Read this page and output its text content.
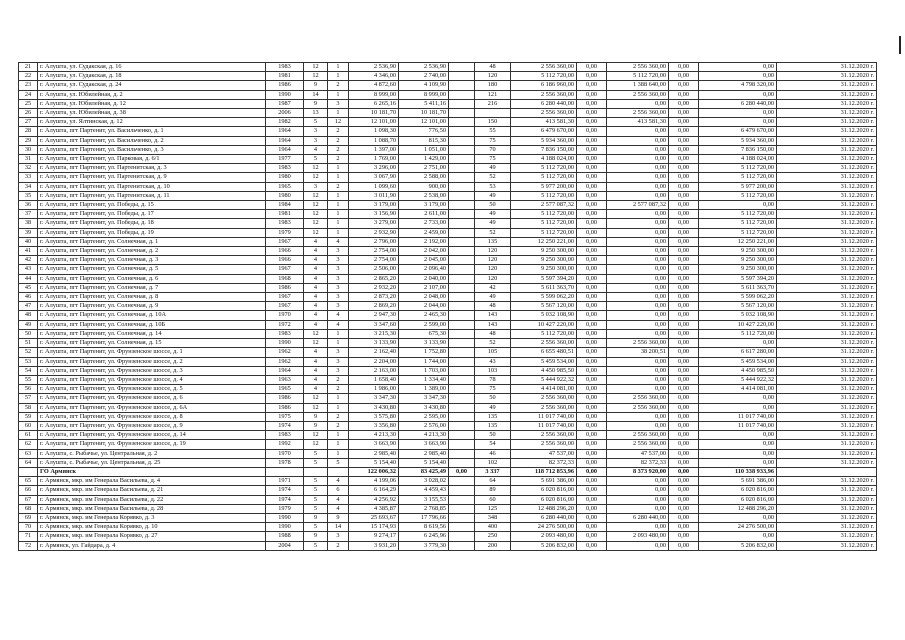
21	г. Алушта, ул. Судакская, д. 16	1983	12	1	2 536,90	2 536,90		48	2 556 360,00	0,00	2 556 360,00	0,00	0,00	31.12.2020 г.
22	г. Алушта, ул. Судакская, д. 18	1981	12	1	4 346,00	2 740,00		120	5 112 720,00	0,00	5 112 720,00	0,00	0,00	31.12.2020 г.
23	г. Алушта, ул. Судакская, д. 24	1986	9	2	4 872,60	4 109,90		180	6 186 960,00	0,00	1 388 640,00	0,00	4 798 320,00	31.12.2020 г.
24	г. Алушта, ул. Юбилейная, д. 2	1990	14	1	8 999,00	8 999,00		121	2 556 360,00	0,00	2 556 360,00	0,00	0,00	31.12.2020 г.
25	г. Алушта, ул. Юбилейная, д. 12	1987	9	3	6 265,16	5 411,16		216	6 280 440,00	0,00	0,00	0,00	6 280 440,00	31.12.2020 г.
26	г. Алушта, ул. Юбилейная, д. 38	2006	13	1	10 181,70	10 181,70			2 556 360,00	0,00	2 556 360,00	0,00	0,00	31.12.2020 г.
27	г. Алушта, ул. Ялтинская, д. 12	1982	5	12	12 101,00	12 101,00		150	413 581,30	0,00	413 581,30	0,00	0,00	31.12.2020 г.
28	г. Алушта, пгт Партенит, ул. Васильченко, д. 1	1964	3	2	1 098,30	776,50		55	6 479 670,00	0,00	0,00	0,00	6 479 670,00	31.12.2020 г.
29	г. Алушта, пгт Партенит, ул. Васильченко, д. 2	1964	3	2	1 088,70	815,30		75	5 934 360,00	0,00	0,00	0,00	5 934 360,00	31.12.2020 г.
30	г. Алушта, пгт Партенит, ул. Васильченко, д. 3	1964	4	2	1 397,00	1 051,00		70	7 836 150,00	0,00	0,00	0,00	7 836 150,00	31.12.2020 г.
31	г. Алушта, пгт Партенит, ул. Парковая, д. 6/1	1977	5	2	1 769,00	1 429,00		75	4 188 024,00	0,00	0,00	0,00	4 188 024,00	31.12.2020 г.
32	г. Алушта, пгт Партенит, ул. Партенитская, д. 3	1983	12	1	3 296,00	2 751,00		49	5 112 720,00	0,00	0,00	0,00	5 112 720,00	31.12.2020 г.
33	г. Алушта, пгт Партенит, ул. Партенитская, д. 9	1980	12	1	3 067,90	2 588,00		52	5 112 720,00	0,00	0,00	0,00	5 112 720,00	31.12.2020 г.
34	г. Алушта, пгт Партенит, ул. Партенитская, д. 10	1965	3	2	1 099,60	900,00		53	5 977 200,00	0,00	0,00	0,00	5 977 200,00	31.12.2020 г.
35	г. Алушта, пгт Партенит, ул. Партенитская, д. 11	1980	12	1	3 011,90	2 538,00		49	5 112 720,00	0,00	0,00	0,00	5 112 720,00	31.12.2020 г.
36	г. Алушта, пгт Партенит, ул. Победы, д. 15	1984	12	1	3 179,00	3 179,00		50	2 577 087,32	0,00	2 577 087,32	0,00	0,00	31.12.2020 г.
37	г. Алушта, пгт Партенит, ул. Победы, д. 17	1981	12	1	3 156,90	2 611,00		49	5 112 720,00	0,00	0,00	0,00	5 112 720,00	31.12.2020 г.
38	г. Алушта, пгт Партенит, ул. Победы, д. 18	1983	12	1	3 279,00	2 733,00		49	5 112 720,00	0,00	0,00	0,00	5 112 720,00	31.12.2020 г.
39	г. Алушта, пгт Партенит, ул. Победы, д. 19	1979	12	1	2 932,90	2 459,00		52	5 112 720,00	0,00	0,00	0,00	5 112 720,00	31.12.2020 г.
40	г. Алушта, пгт Партенит, ул. Солнечная, д. 1	1967	4	4	2 796,00	2 192,00		135	12 250 221,00	0,00	0,00	0,00	12 250 221,00	31.12.2020 г.
41	г. Алушта, пгт Партенит, ул. Солнечная, д. 2	1966	4	3	2 754,00	2 042,00		120	9 250 300,00	0,00	0,00	0,00	9 250 300,00	31.12.2020 г.
42	г. Алушта, пгт Партенит, ул. Солнечная, д. 3	1966	4	3	2 754,00	2 045,00		120	9 250 300,00	0,00	0,00	0,00	9 250 300,00	31.12.2020 г.
43	г. Алушта, пгт Партенит, ул. Солнечная, д. 5	1967	4	3	2 506,00	2 096,40		120	9 250 300,00	0,00	0,00	0,00	9 250 300,00	31.12.2020 г.
44	г. Алушта, пгт Партенит, ул. Солнечная, д. 6	1968	4	3	2 865,20	2 040,00		120	5 597 394,20	0,00	0,00	0,00	5 597 394,20	31.12.2020 г.
45	г. Алушта, пгт Партенит, ул. Солнечная, д. 7	1986	4	3	2 932,20	2 107,00		42	5 611 363,70	0,00	0,00	0,00	5 611 363,70	31.12.2020 г.
46	г. Алушта, пгт Партенит, ул. Солнечная, д. 8	1967	4	3	2 873,20	2 048,00		49	5 599 062,20	0,00	0,00	0,00	5 599 062,20	31.12.2020 г.
47	г. Алушта, пгт Партенит, ул. Солнечная, д. 9	1967	4	3	2 869,20	2 044,00		48	5 567 120,00	0,00	0,00	0,00	5 567 120,00	31.12.2020 г.
48	г. Алушта, пгт Партенит, ул. Солнечная, д. 10А	1970	4	4	2 947,30	2 465,30		143	5 032 108,90	0,00	0,00	0,00	5 032 108,90	31.12.2020 г.
49	г. Алушта, пгт Партенит, ул. Солнечная, д. 10Б	1972	4	4	3 347,60	2 599,00		143	10 427 220,00	0,00	0,00	0,00	10 427 220,00	31.12.2020 г.
50	г. Алушта, пгт Партенит, ул. Солнечная, д. 14	1983	12	1	3 215,30	675,30		48	5 112 720,00	0,00	0,00	0,00	5 112 720,00	31.12.2020 г.
51	г. Алушта, пгт Партенит, ул. Солнечная, д. 15	1990	12	1	3 133,90	3 133,90		52	2 556 360,00	0,00	2 556 360,00	0,00	0,00	31.12.2020 г.
52	г. Алушта, пгт Партенит, ул. Фрунзенское шоссе, д. 1	1962	4	3	2 162,40	1 752,80		105	6 655 480,51	0,00	38 200,51	0,00	6 617 280,00	31.12.2020 г.
53	г. Алушта, пгт Партенит, ул. Фрунзенское шоссе, д. 2	1962	4	3	2 204,00	1 744,00		43	5 459 534,00	0,00	0,00	0,00	5 459 534,00	31.12.2020 г.
54	г. Алушта, пгт Партенит, ул. Фрунзенское шоссе, д. 3	1964	4	3	2 163,00	1 703,00		103	4 450 985,50	0,00	0,00	0,00	4 450 985,50	31.12.2020 г.
55	г. Алушта, пгт Партенит, ул. Фрунзенское шоссе, д. 4	1963	4	2	1 658,40	1 334,40		78	5 444 922,32	0,00	0,00	0,00	5 444 922,32	31.12.2020 г.
56	г. Алушта, пгт Партенит, ул. Фрунзенское шоссе, д. 5	1965	4	2	1 986,00	1 389,00		75	4 414 081,00	0,00	0,00	0,00	4 414 081,00	31.12.2020 г.
57	г. Алушта, пгт Партенит, ул. Фрунзенское шоссе, д. 6	1986	12	1	3 347,30	3 347,30		50	2 556 360,00	0,00	2 556 360,00	0,00	0,00	31.12.2020 г.
58	г. Алушта, пгт Партенит, ул. Фрунзенское шоссе, д. 6А	1986	12	1	3 430,80	3 430,80		49	2 556 360,00	0,00	2 556 360,00	0,00	0,00	31.12.2020 г.
59	г. Алушта, пгт Партенит, ул. Фрунзенское шоссе, д. 8	1975	9	2	3 575,80	2 595,00		135	11 017 740,00	0,00	0,00	0,00	11 017 740,00	31.12.2020 г.
60	г. Алушта, пгт Партенит, ул. Фрунзенское шоссе, д. 9	1974	9	2	3 356,80	2 576,00		135	11 017 740,00	0,00	0,00	0,00	11 017 740,00	31.12.2020 г.
61	г. Алушта, пгт Партенит, ул. Фрунзенское шоссе, д. 14	1983	12	1	4 213,30	4 213,30		50	2 556 360,00	0,00	2 556 360,00	0,00	0,00	31.12.2020 г.
62	г. Алушта, пгт Партенит, ул. Фрунзенское шоссе, д. 19	1992	12	1	3 663,90	3 663,90		54	2 556 360,00	0,00	2 556 360,00	0,00	0,00	31.12.2020 г.
63	г. Алушта, с. Рыбачье, ул. Центральная, д. 2	1970	5	1	2 985,40	2 985,40		46	47 537,00	0,00	47 537,00	0,00	0,00	31.12.2020 г.
64	г. Алушта, с. Рыбачье, ул. Центральная, д. 25	1978	5	5	5 154,40	5 154,40		102	82 372,33	0,00	82 372,33	0,00	0,00	31.12.2020 г.
	ГО Армянск				122 006,32	83 425,49	0,00	3 337	118 712 853,96	0,00	8 373 920,00	0,00	110 338 933,96	
65	г. Армянск, мкр. им Генерала Васильева, д. 4	1971	5	4	4 199,06	3 028,02		64	5 691 386,00	0,00	0,00	0,00	5 691 386,00	31.12.2020 г.
66	г. Армянск, мкр. им Генерала Васильева, д. 21	1974	5	6	6 164,29	4 459,43		89	6 020 816,00	0,00	0,00	0,00	6 020 816,00	31.12.2020 г.
67	г. Армянск, мкр. им Генерала Васильева, д. 22	1974	5	4	4 256,92	3 155,53		60	6 020 816,00	0,00	0,00	0,00	6 020 816,00	31.12.2020 г.
68	г. Армянск, мкр. им Генерала Васильева, д. 28	1979	5	4	4 385,87	2 768,85		125	12 488 296,20	0,00	0,00	0,00	12 488 296,20	31.12.2020 г.
69	г. Армянск, мкр. им Генерала Корявко, д. 3	1990	9	9	25 693,67	17 796,66		348	6 280 440,00	0,00	6 280 440,00	0,00	0,00	31.12.2020 г.
70	г. Армянск, мкр. им Генерала Корявко, д. 10	1990	5	14	15 174,93	8 619,56		400	24 276 500,00	0,00	0,00	0,00	24 276 500,00	31.12.2020 г.
71	г. Армянск, мкр. им Генерала Корявко, д. 27	1988	9	3	9 274,17	6 245,96		250	2 093 480,00	0,00	2 093 480,00	0,00	0,00	31.12.2020 г.
72	г. Армянск, ул. Гайдара, д. 4	2004	5	2	3 931,20	3 779,30		200	5 206 832,00	0,00	0,00	0,00	5 206 832,00	31.12.2020 г.
